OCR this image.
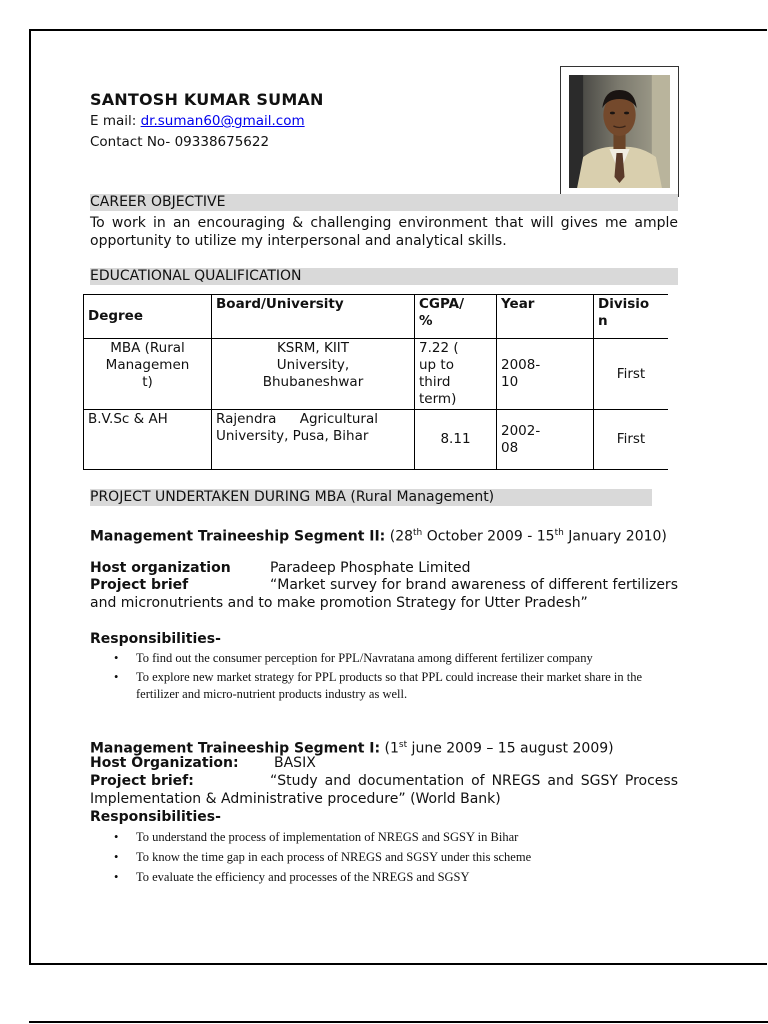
SANTOSH KUMAR SUMAN
E mail: dr.suman60@gmail.com
Contact No- 09338675622
CAREER OBJECTIVE
To work in an encouraging & challenging environment that will gives me ample opportunity to utilize my interpersonal and analytical skills.
EDUCATIONAL QUALIFICATION
Degree	Board/University	CGPA/ %	Year	Divisio n

MBA (Rural Managemen t)	KSRM, KIIT University, Bhubaneshwar	7.22 ( up to third term)	2008- 10	First
B.V.Sc & AH	Rajendra Agricultural University, Pusa, Bihar	8.11	2002- 08	First
PROJECT UNDERTAKEN DURING MBA (Rural Management)
Management Traineeship Segment II: (28th October 2009 - 15th January 2010)
Host organization	Paradeep Phosphate Limited
Project brief	“Market survey for brand awareness of different fertilizers and micronutrients and to make promotion Strategy for Utter Pradesh”
Responsibilities-
• To find out the consumer perception for PPL/Navratana among different fertilizer company
• To explore new market strategy for PPL products so that PPL could increase their market share in the fertilizer and micro-nutrient products industry as well.
Management Traineeship Segment I: (1st june 2009 – 15 august 2009)
Host Organization:	BASIX
Project brief:	“Study and documentation of NREGS and SGSY Process Implementation & Administrative procedure” (World Bank)
Responsibilities-
• To understand the process of implementation of NREGS and SGSY in Bihar
• To know the time gap in each process of NREGS and SGSY under this scheme
• To evaluate the efficiency and processes of the NREGS and SGSY
